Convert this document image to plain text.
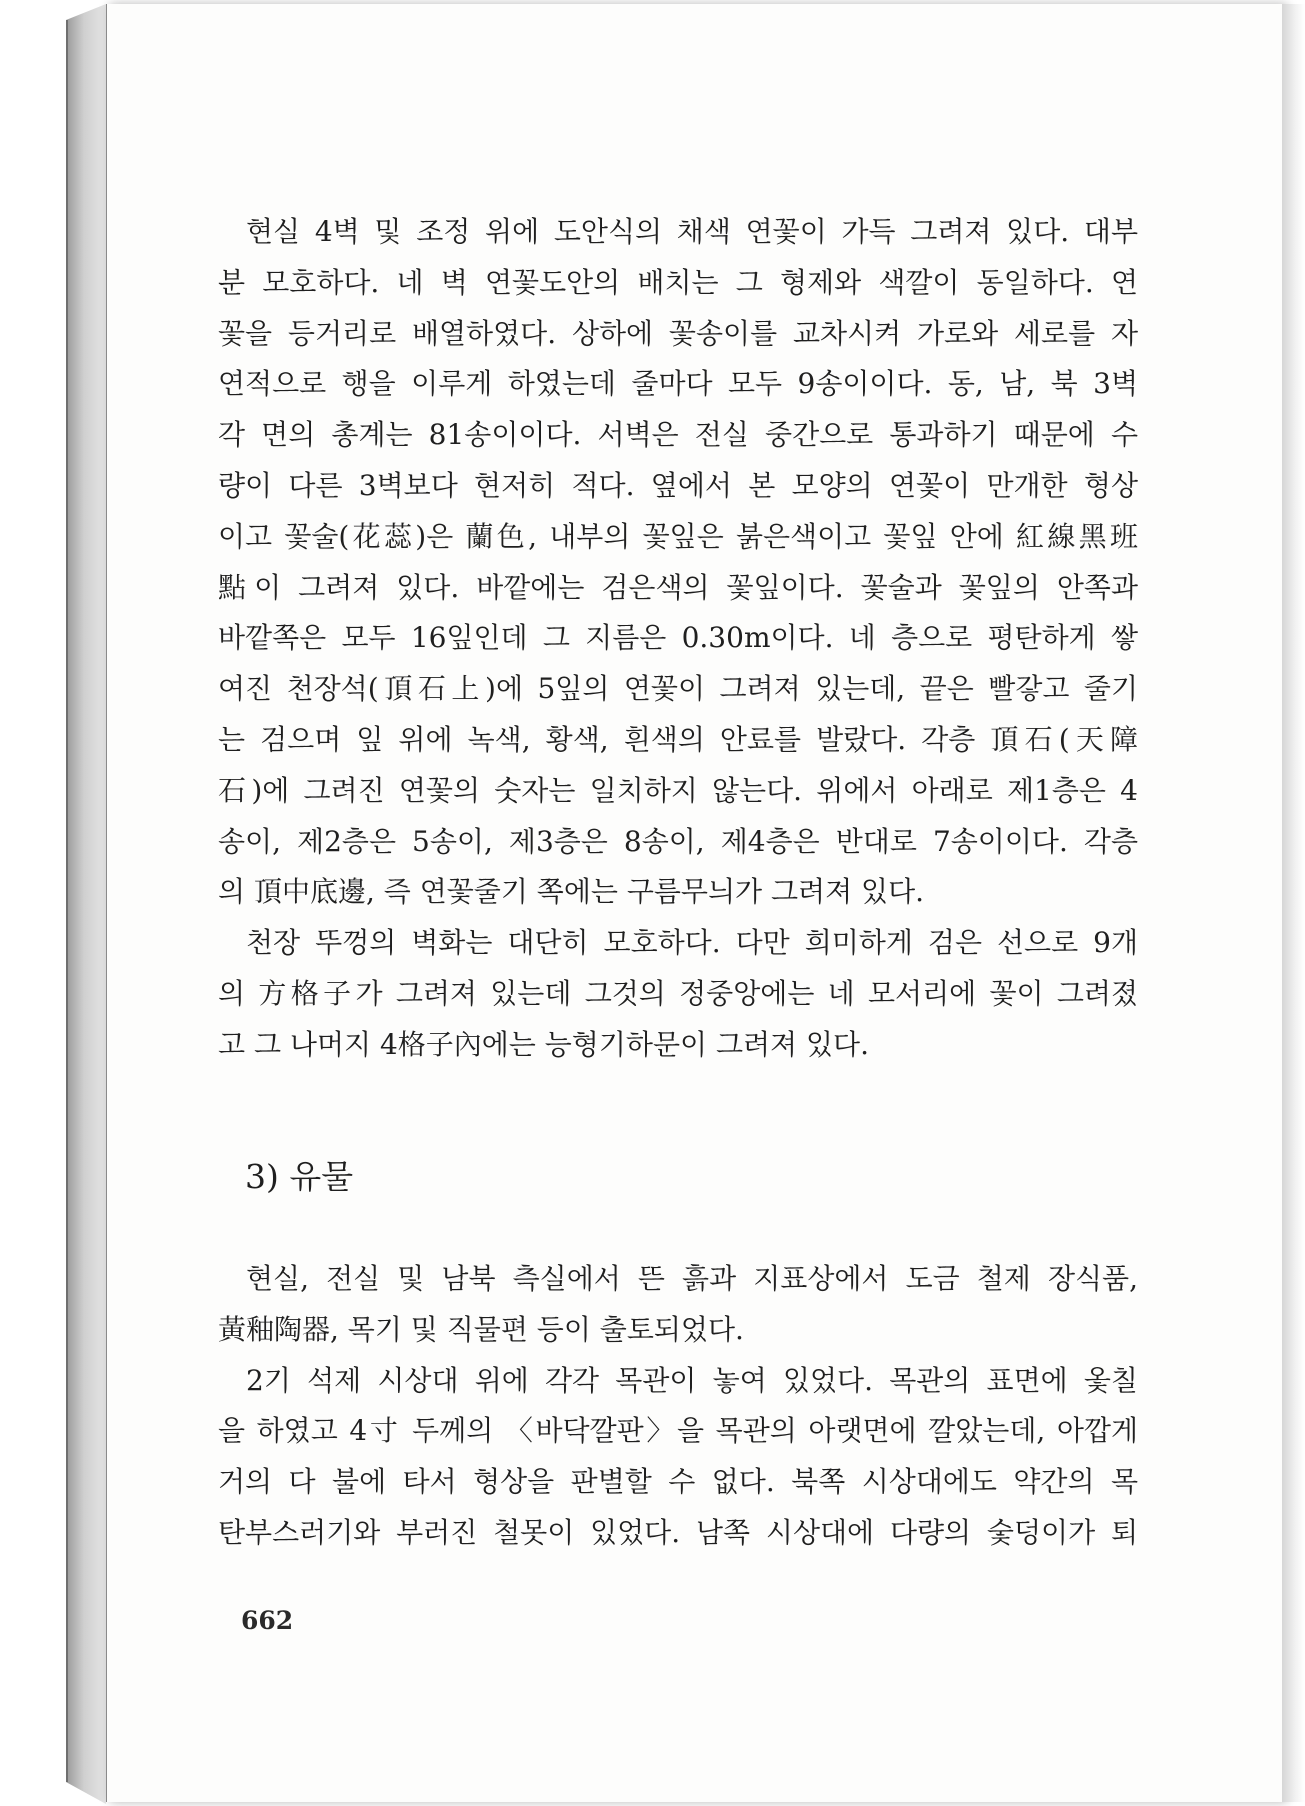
현실 4벽 및 조정 위에 도안식의 채색 연꽃이 가득 그려져 있다. 대부
분 모호하다. 네 벽 연꽃도안의 배치는 그 형제와 색깔이 동일하다. 연
꽃을 등거리로 배열하였다. 상하에 꽃송이를 교차시켜 가로와 세로를 자
연적으로 행을 이루게 하였는데 줄마다 모두 9송이이다. 동, 남, 북 3벽
각 면의 총계는 81송이이다. 서벽은 전실 중간으로 통과하기 때문에 수
량이 다른 3벽보다 현저히 적다. 옆에서 본 모양의 연꽃이 만개한 형상
이고 꽃술(花蕊)은 蘭色, 내부의 꽃잎은 붉은색이고 꽃잎 안에 紅線黑班
點이 그려져 있다. 바깥에는 검은색의 꽃잎이다. 꽃술과 꽃잎의 안쪽과
바깥쪽은 모두 16잎인데 그 지름은 0.30m이다. 네 층으로 평탄하게 쌓
여진 천장석(頂石上)에 5잎의 연꽃이 그려져 있는데, 끝은 빨갛고 줄기
는 검으며 잎 위에 녹색, 황색, 흰색의 안료를 발랐다. 각층 頂石(天障
石)에 그려진 연꽃의 숫자는 일치하지 않는다. 위에서 아래로 제1층은 4
송이, 제2층은 5송이, 제3층은 8송이, 제4층은 반대로 7송이이다. 각층
의 頂中底邊, 즉 연꽃줄기 쪽에는 구름무늬가 그려져 있다.
천장 뚜껑의 벽화는 대단히 모호하다. 다만 희미하게 검은 선으로 9개
의 方格子가 그려져 있는데 그것의 정중앙에는 네 모서리에 꽃이 그려졌
고 그 나머지 4格子內에는 능형기하문이 그려져 있다.
3) 유물
현실, 전실 및 남북 측실에서 뜬 흙과 지표상에서 도금 철제 장식품,
黃釉陶器, 목기 및 직물편 등이 출토되었다.
2기 석제 시상대 위에 각각 목관이 놓여 있었다. 목관의 표면에 옻칠
을 하였고 4寸 두께의 〈바닥깔판〉을 목관의 아랫면에 깔았는데, 아깝게
거의 다 불에 타서 형상을 판별할 수 없다. 북쪽 시상대에도 약간의 목
탄부스러기와 부러진 철못이 있었다. 남쪽 시상대에 다량의 숯덩이가 퇴
662
